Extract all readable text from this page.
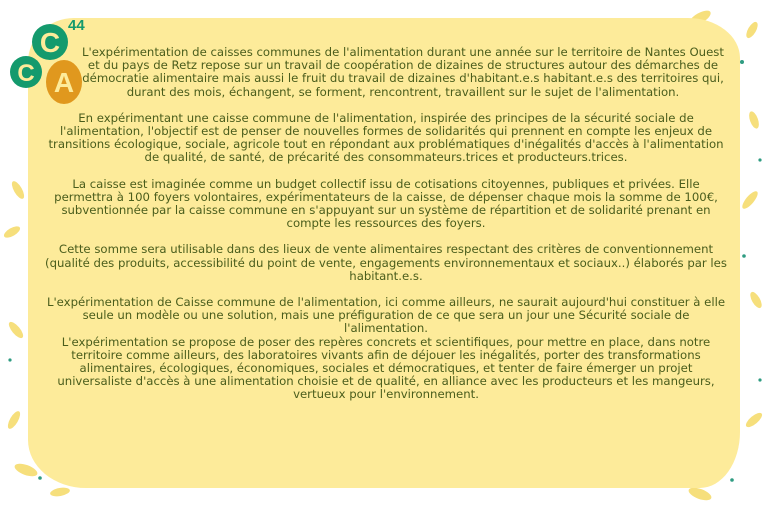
C
C A
44

L'expérimentation de caisses communes de l'alimentation durant une année sur le territoire de Nantes Ouest et du pays de Retz repose sur un travail de coopération de dizaines de structures autour des démarches de démocratie alimentaire mais aussi le fruit du travail de dizaines d'habitant.e.s habitant.e.s des territoires qui, durant des mois, échangent, se forment, rencontrent, travaillent sur le sujet de l'alimentation.

En expérimentant une caisse commune de l'alimentation, inspirée des principes de la sécurité sociale de l'alimentation, l'objectif est de penser de nouvelles formes de solidarités qui prennent en compte les enjeux de transitions écologique, sociale, agricole tout en répondant aux problématiques d'inégalités d'accès à l'alimentation de qualité, de santé, de précarité des consommateurs.trices et producteurs.trices.

La caisse est imaginée comme un budget collectif issu de cotisations citoyennes, publiques et privées. Elle permettra à 100 foyers volontaires, expérimentateurs de la caisse, de dépenser chaque mois la somme de 100€, subventionnée par la caisse commune en s'appuyant sur un système de répartition et de solidarité prenant en compte les ressources des foyers.

Cette somme sera utilisable dans des lieux de vente alimentaires respectant des critères de conventionnement (qualité des produits, accessibilité du point de vente, engagements environnementaux et sociaux..) élaborés par les habitant.e.s.

L'expérimentation de Caisse commune de l'alimentation, ici comme ailleurs, ne saurait aujourd'hui constituer à elle seule un modèle ou une solution, mais une préfiguration de ce que sera un jour une Sécurité sociale de l'alimentation.

L'expérimentation se propose de poser des repères concrets et scientifiques, pour mettre en place, dans notre territoire comme ailleurs, des laboratoires vivants afin de déjouer les inégalités, porter des transformations alimentaires, écologiques, économiques, sociales et démocratiques, et tenter de faire émerger un projet universaliste d'accès à une alimentation choisie et de qualité, en alliance avec les producteurs et les mangeurs, vertueux pour l'environnement.
